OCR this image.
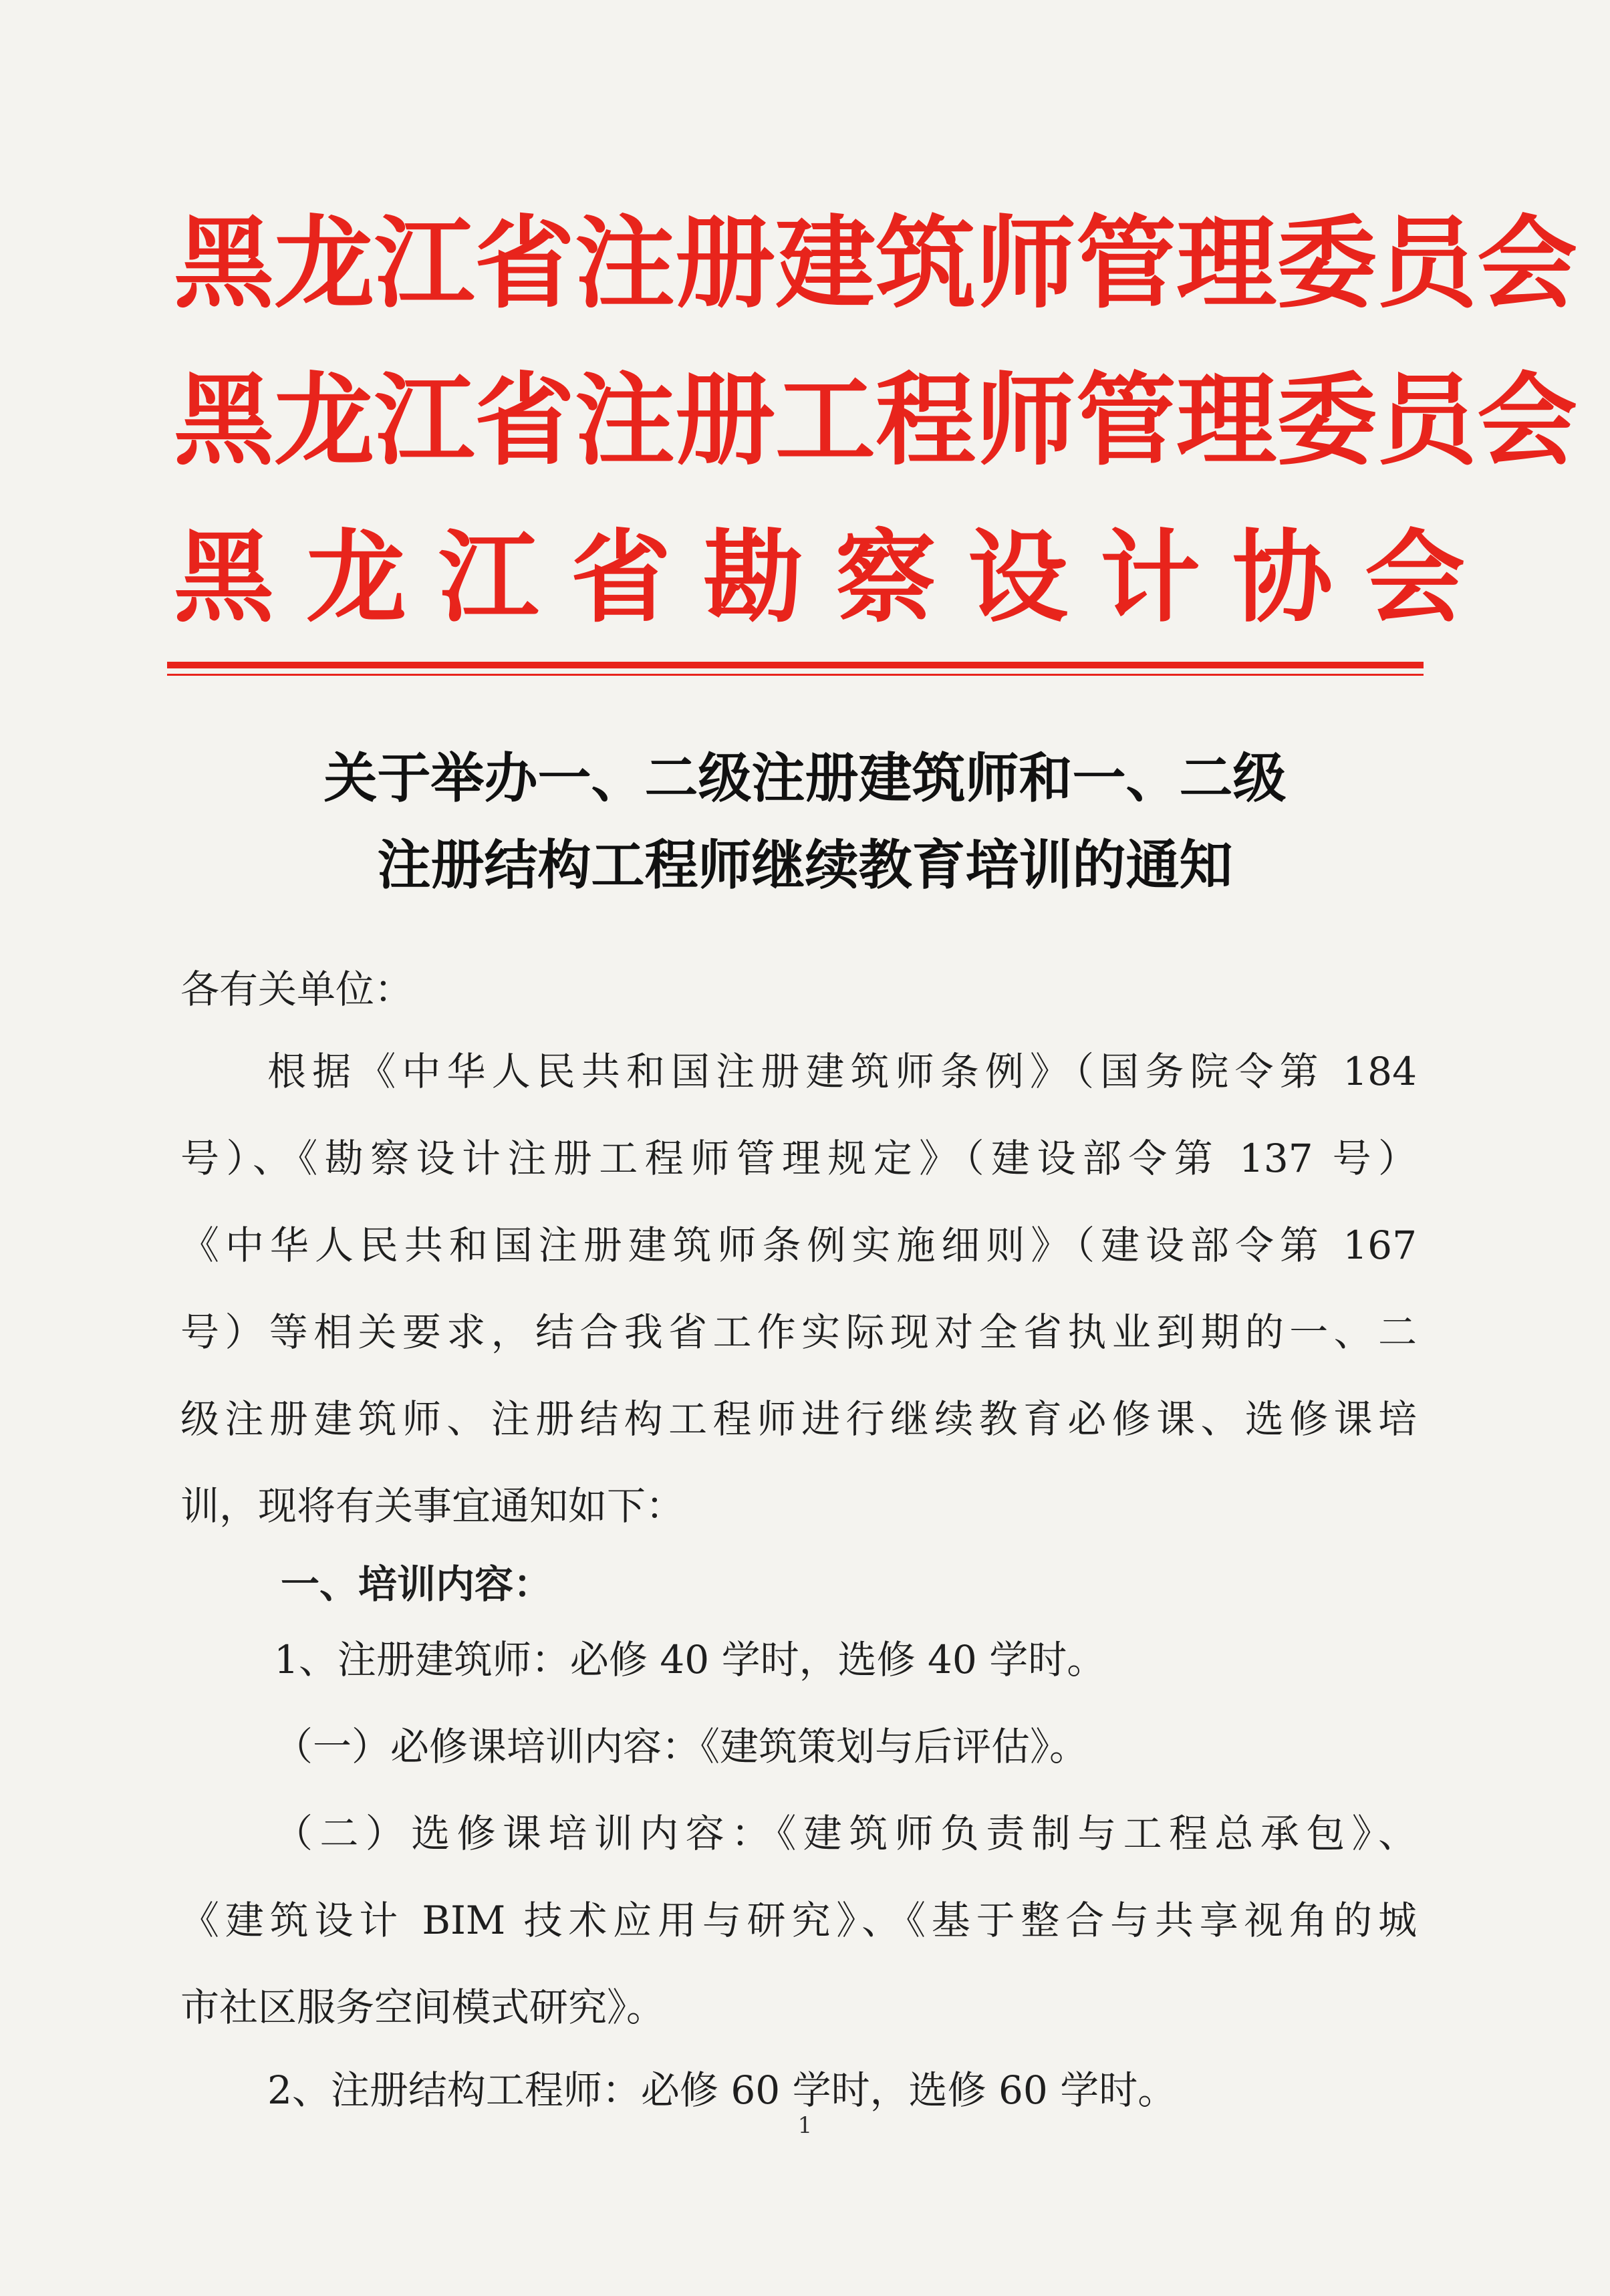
黑龙江省注册建筑师管理委员会
黑龙江省注册工程师管理委员会
黑龙江省勘察设计协会
关于举办一、二级注册建筑师和一、二级
注册结构工程师继续教育培训的通知
各有关单位：
根据《中华人民共和国注册建筑师条例》（国务院令第 184
号）、《勘察设计注册工程师管理规定》（建设部令第 137 号）
《中华人民共和国注册建筑师条例实施细则》（建设部令第 167
号）等相关要求，结合我省工作实际现对全省执业到期的一、二
级注册建筑师、注册结构工程师进行继续教育必修课、选修课培
训，现将有关事宜通知如下：
一、培训内容：
1、注册建筑师：必修 40 学时，选修 40 学时。
（一）必修课培训内容：《建筑策划与后评估》。
（二）选修课培训内容：《建筑师负责制与工程总承包》、
《建筑设计 BIM 技术应用与研究》、《基于整合与共享视角的城
市社区服务空间模式研究》。
2、注册结构工程师：必修 60 学时，选修 60 学时。
1
